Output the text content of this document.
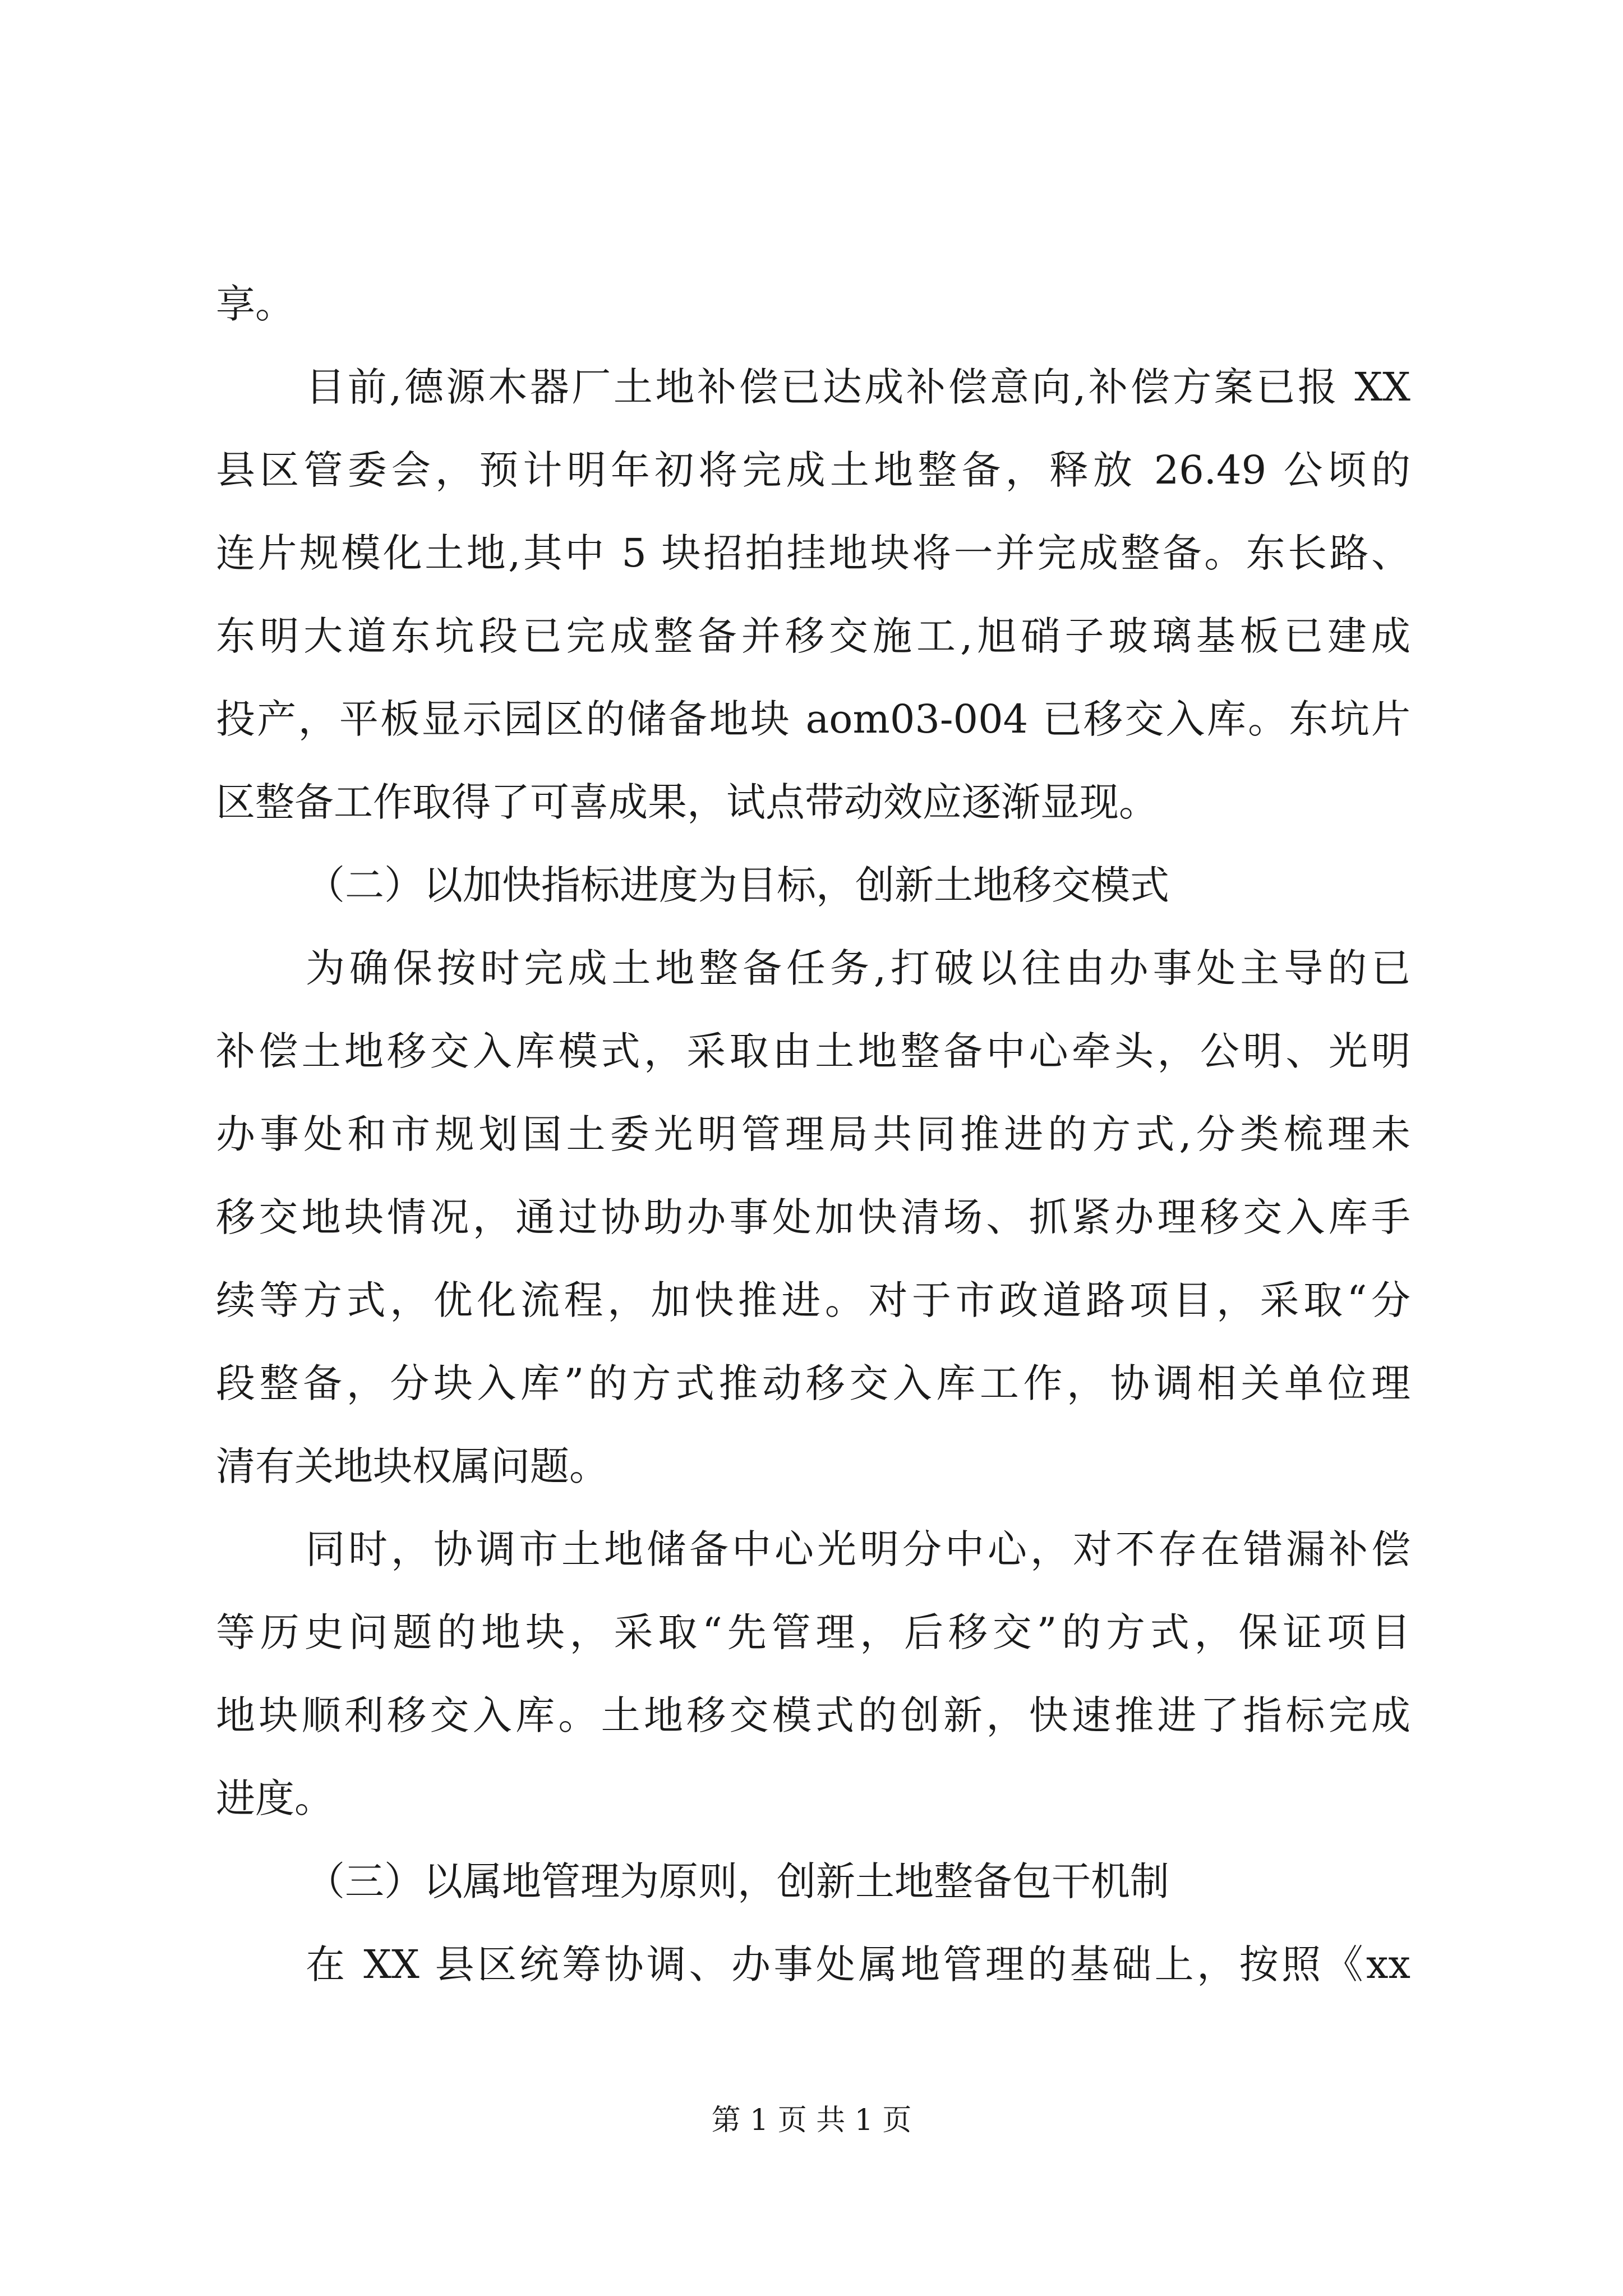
享。
目前,德源木器厂土地补偿已达成补偿意向,补偿方案已报 XX
县区管委会，预计明年初将完成土地整备，释放 26.49 公顷的
连片规模化土地,其中 5 块招拍挂地块将一并完成整备。东长路、
东明大道东坑段已完成整备并移交施工,旭硝子玻璃基板已建成
投产，平板显示园区的储备地块 aom03-004 已移交入库。东坑片
区整备工作取得了可喜成果，试点带动效应逐渐显现。
（二）以加快指标进度为目标，创新土地移交模式
为确保按时完成土地整备任务,打破以往由办事处主导的已
补偿土地移交入库模式，采取由土地整备中心牵头，公明、光明
办事处和市规划国土委光明管理局共同推进的方式,分类梳理未
移交地块情况，通过协助办事处加快清场、抓紧办理移交入库手
续等方式，优化流程，加快推进。对于市政道路项目，采取“分
段整备，分块入库”的方式推动移交入库工作，协调相关单位理
清有关地块权属问题。
同时，协调市土地储备中心光明分中心，对不存在错漏补偿
等历史问题的地块，采取“先管理，后移交”的方式，保证项目
地块顺利移交入库。土地移交模式的创新，快速推进了指标完成
进度。
（三）以属地管理为原则，创新土地整备包干机制
在 XX 县区统筹协调、办事处属地管理的基础上，按照《xx
第 1 页 共 1 页
